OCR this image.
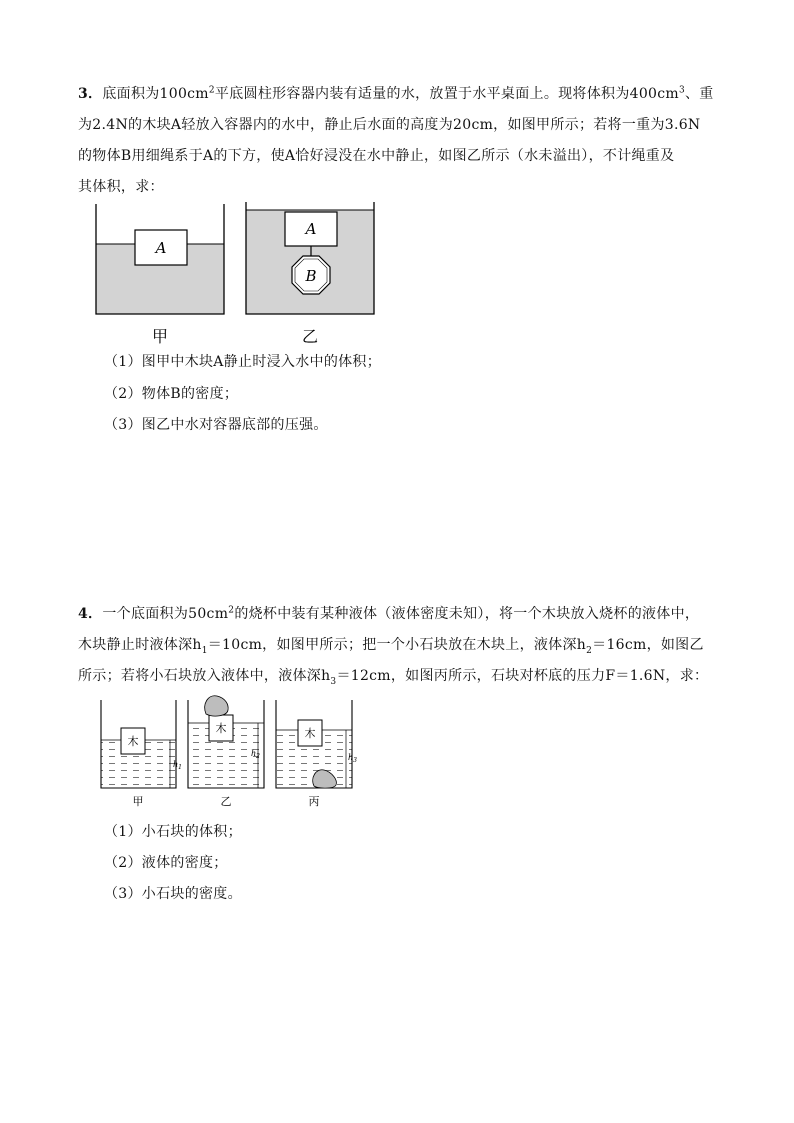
3．底面积为$100cm^2$平底圆柱形容器内装有适量的水，放置于水平桌面上。现将体积为$400cm^3$、重
为2.4N的木块A轻放入容器内的水中，静止后水面的高度为20cm，如图甲所示；若将一重为3.6N
的物体B用细绳系于A的下方，使A恰好浸没在水中静止，如图乙所示（水未溢出），不计绳重及
其体积，求：
A
A
B
甲	乙
（1）图甲中木块A静止时浸入水中的体积；
（2）物体B的密度；
（3）图乙中水对容器底部的压强。
4．一个底面积为$50cm^2$的烧杯中装有某种液体（液体密度未知），将一个木块放入烧杯的液体中，
木块静止时液体深$h_1=10cm$，如图甲所示；把一个小石块放在木块上，液体深$h_2=16cm$，如图乙
所示；若将小石块放入液体中，液体深$h_3=12cm$，如图丙所示，石块对杯底的压力F＝1.6N，求：
木
$h_1$
木
$h_2$
木
$h_3$
甲	乙	丙
（1）小石块的体积；
（2）液体的密度；
（3）小石块的密度。
